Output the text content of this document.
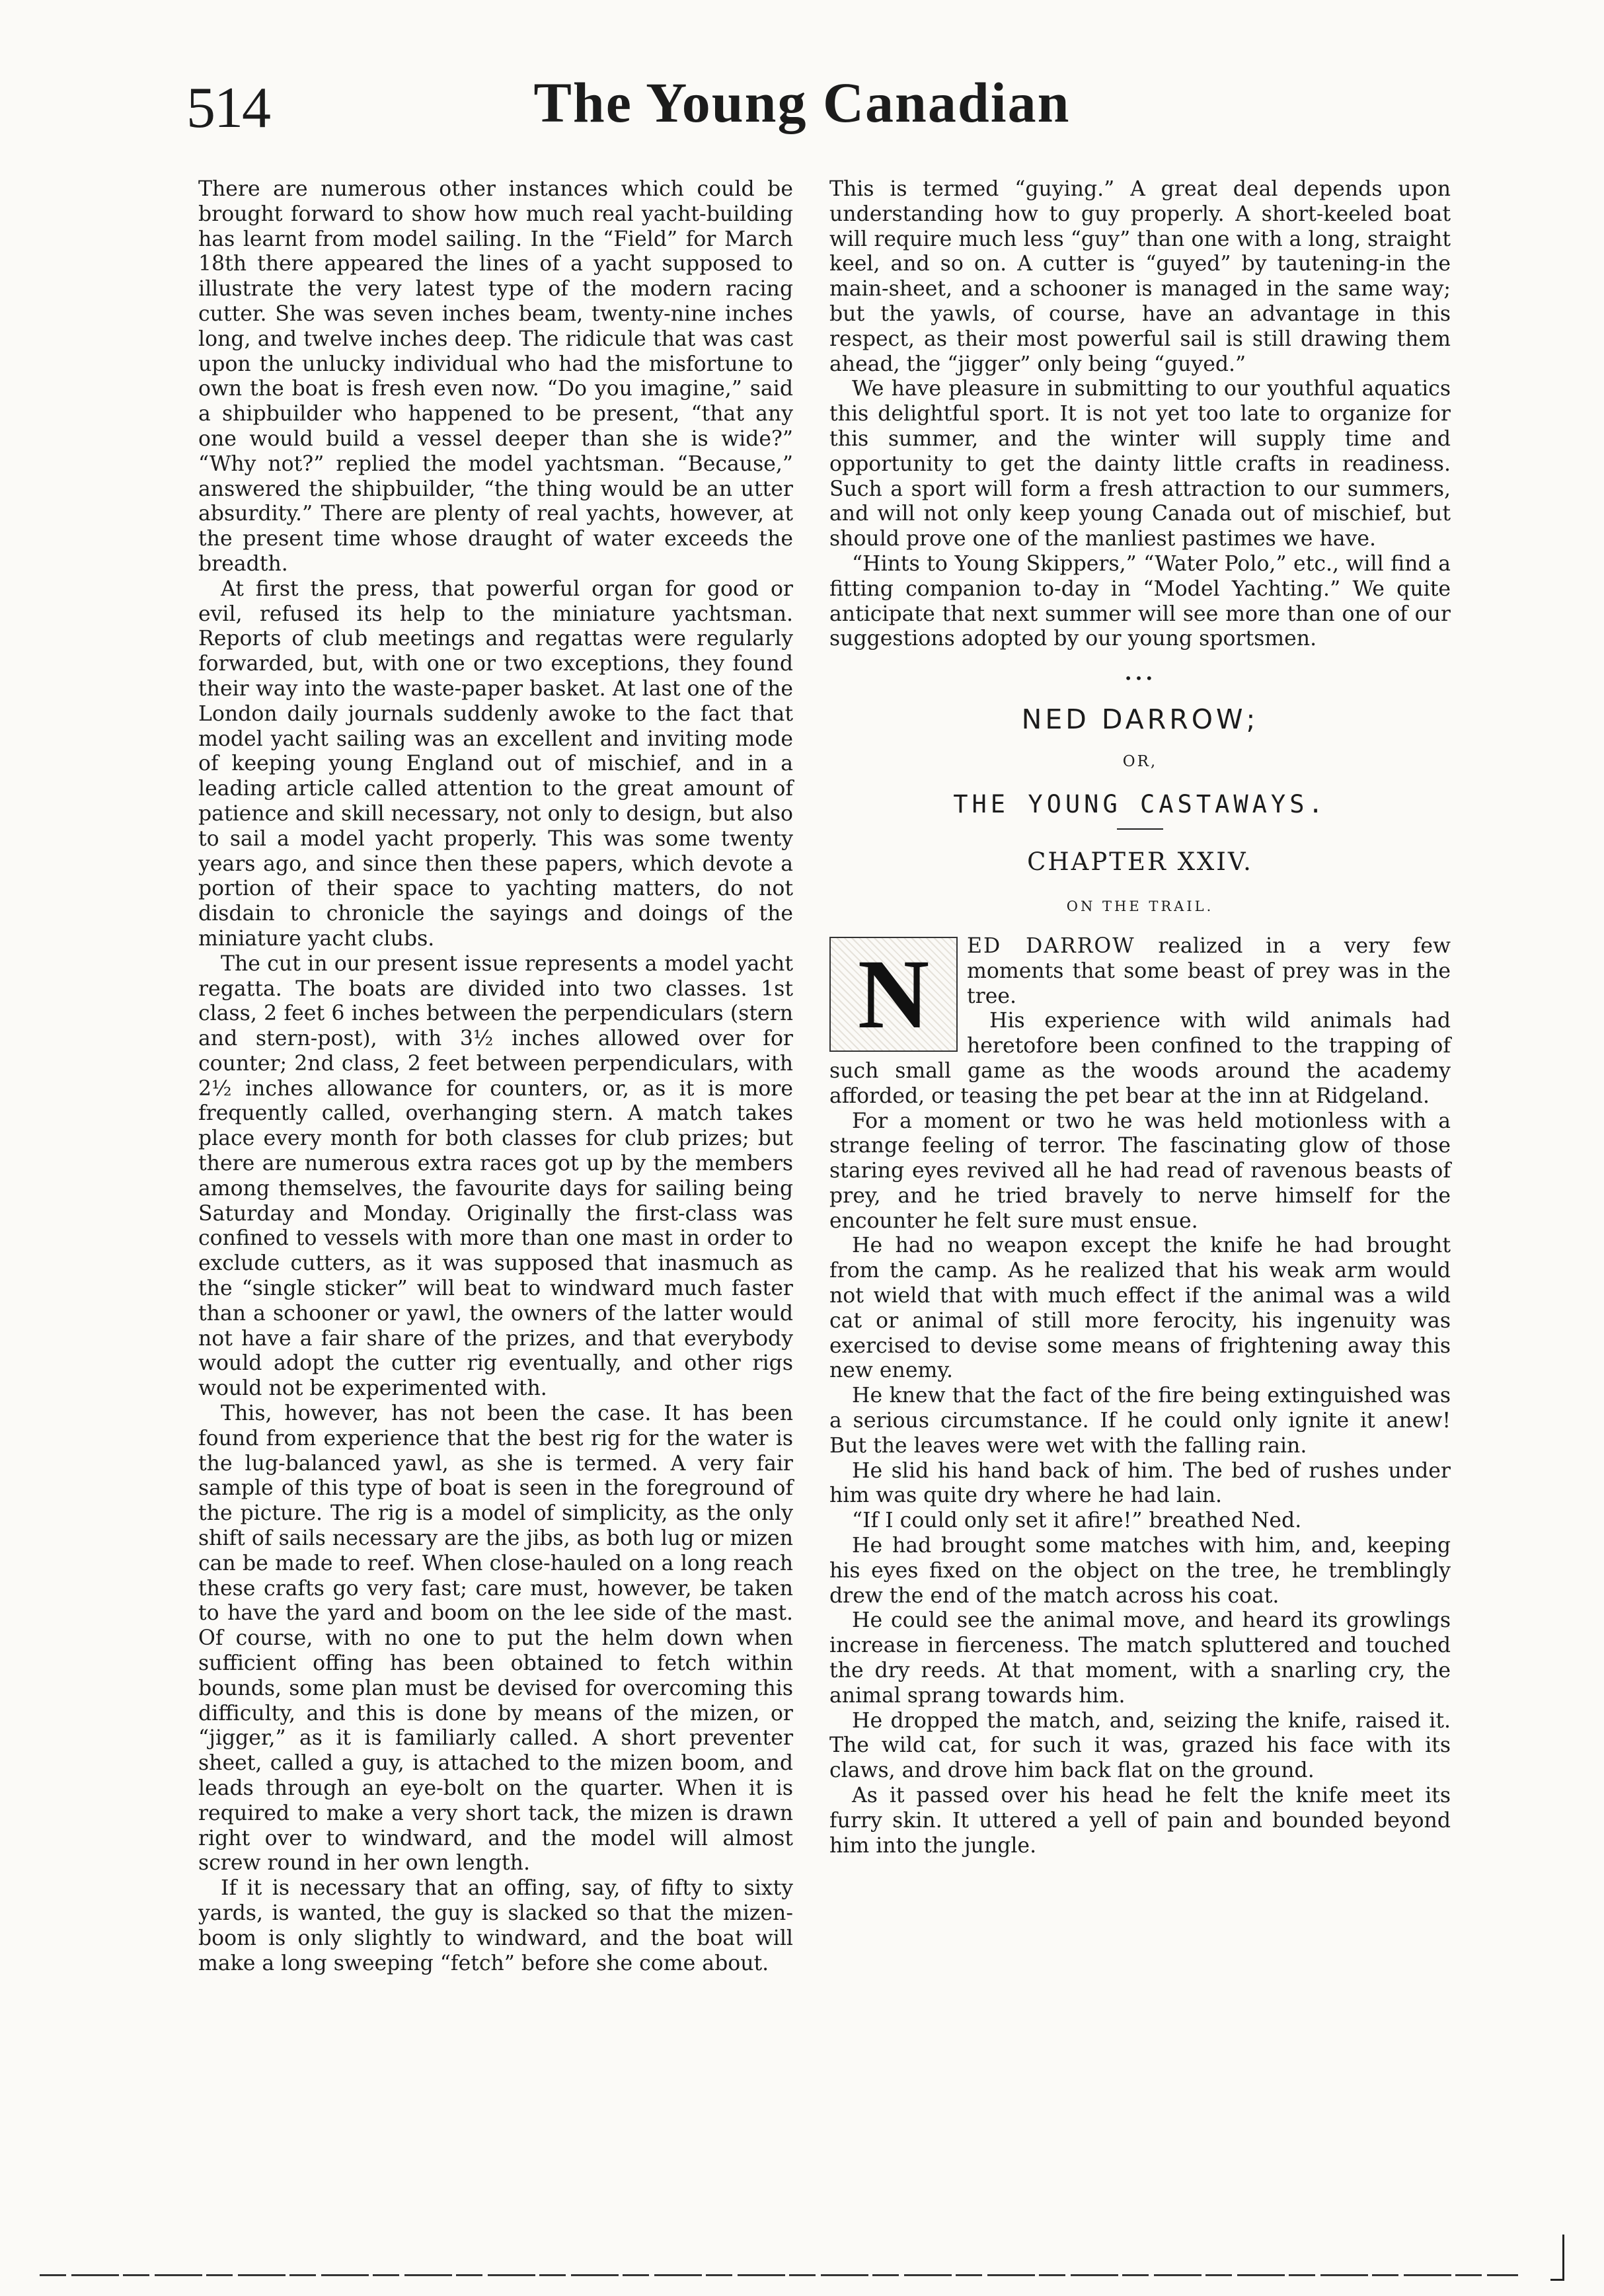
514	The Young Canadian

There are numerous other instances which could be brought forward to show how much real yacht-building has learnt from model sailing. In the “Field” for March 18th there appeared the lines of a yacht supposed to illustrate the very latest type of the modern racing cutter. She was seven inches beam, twenty-nine inches long, and twelve inches deep. The ridicule that was cast upon the unlucky individual who had the misfortune to own the boat is fresh even now. “Do you imagine,” said a shipbuilder who happened to be present, “that any one would build a vessel deeper than she is wide?” “Why not?” replied the model yachtsman. “Because,” answered the shipbuilder, “the thing would be an utter absurdity.” There are plenty of real yachts, however, at the present time whose draught of water exceeds the breadth.

At first the press, that powerful organ for good or evil, refused its help to the miniature yachtsman. Reports of club meetings and regattas were regularly forwarded, but, with one or two exceptions, they found their way into the waste-paper basket. At last one of the London daily journals suddenly awoke to the fact that model yacht sailing was an excellent and inviting mode of keeping young England out of mischief, and in a leading article called attention to the great amount of patience and skill necessary, not only to design, but also to sail a model yacht properly. This was some twenty years ago, and since then these papers, which devote a portion of their space to yachting matters, do not disdain to chronicle the sayings and doings of the miniature yacht clubs.

The cut in our present issue represents a model yacht regatta. The boats are divided into two classes. 1st class, 2 feet 6 inches between the perpendiculars (stern and stern-post), with 3½ inches allowed over for counter; 2nd class, 2 feet between perpendiculars, with 2½ inches allowance for counters, or, as it is more frequently called, overhanging stern. A match takes place every month for both classes for club prizes; but there are numerous extra races got up by the members among themselves, the favourite days for sailing being Saturday and Monday. Originally the first-class was confined to vessels with more than one mast in order to exclude cutters, as it was supposed that inasmuch as the “single sticker” will beat to windward much faster than a schooner or yawl, the owners of the latter would not have a fair share of the prizes, and that everybody would adopt the cutter rig eventually, and other rigs would not be experimented with.

This, however, has not been the case. It has been found from experience that the best rig for the water is the lug-balanced yawl, as she is termed. A very fair sample of this type of boat is seen in the foreground of the picture. The rig is a model of simplicity, as the only shift of sails necessary are the jibs, as both lug or mizen can be made to reef. When close-hauled on a long reach these crafts go very fast; care must, however, be taken to have the yard and boom on the lee side of the mast. Of course, with no one to put the helm down when sufficient offing has been obtained to fetch within bounds, some plan must be devised for overcoming this difficulty, and this is done by means of the mizen, or “jigger,” as it is familiarly called. A short preventer sheet, called a guy, is attached to the mizen boom, and leads through an eye-bolt on the quarter. When it is required to make a very short tack, the mizen is drawn right over to windward, and the model will almost screw round in her own length.

If it is necessary that an offing, say, of fifty to sixty yards, is wanted, the guy is slacked so that the mizen-boom is only slightly to windward, and the boat will make a long sweeping “fetch” before she come about.

This is termed “guying.” A great deal depends upon understanding how to guy properly. A short-keeled boat will require much less “guy” than one with a long, straight keel, and so on. A cutter is “guyed” by tautening-in the main-sheet, and a schooner is managed in the same way; but the yawls, of course, have an advantage in this respect, as their most powerful sail is still drawing them ahead, the “jigger” only being “guyed.”

We have pleasure in submitting to our youthful aquatics this delightful sport. It is not yet too late to organize for this summer, and the winter will supply time and opportunity to get the dainty little crafts in readiness. Such a sport will form a fresh attraction to our summers, and will not only keep young Canada out of mischief, but should prove one of the manliest pastimes we have.

“Hints to Young Skippers,” “Water Polo,” etc., will find a fitting companion to-day in “Model Yachting.” We quite anticipate that next summer will see more than one of our suggestions adopted by our young sportsmen.

•••
NED DARROW;
OR,
THE YOUNG CASTAWAYS.
CHAPTER XXIV.
ON THE TRAIL.
N	ED DARROW realized in a very few moments that some beast of prey was in the tree.

His experience with wild animals had heretofore been confined to the trapping of such small game as the woods around the academy afforded, or teasing the pet bear at the inn at Ridgeland.

For a moment or two he was held motionless with a strange feeling of terror. The fascinating glow of those staring eyes revived all he had read of ravenous beasts of prey, and he tried bravely to nerve himself for the encounter he felt sure must ensue.

He had no weapon except the knife he had brought from the camp. As he realized that his weak arm would not wield that with much effect if the animal was a wild cat or animal of still more ferocity, his ingenuity was exercised to devise some means of frightening away this new enemy.

He knew that the fact of the fire being extinguished was a serious circumstance. If he could only ignite it anew! But the leaves were wet with the falling rain.

He slid his hand back of him. The bed of rushes under him was quite dry where he had lain.

“If I could only set it afire!” breathed Ned.

He had brought some matches with him, and, keeping his eyes fixed on the object on the tree, he tremblingly drew the end of the match across his coat.

He could see the animal move, and heard its growlings increase in fierceness. The match spluttered and touched the dry reeds. At that moment, with a snarling cry, the animal sprang towards him.

He dropped the match, and, seizing the knife, raised it. The wild cat, for such it was, grazed his face with its claws, and drove him back flat on the ground.

As it passed over his head he felt the knife meet its furry skin. It uttered a yell of pain and bounded beyond him into the jungle.
